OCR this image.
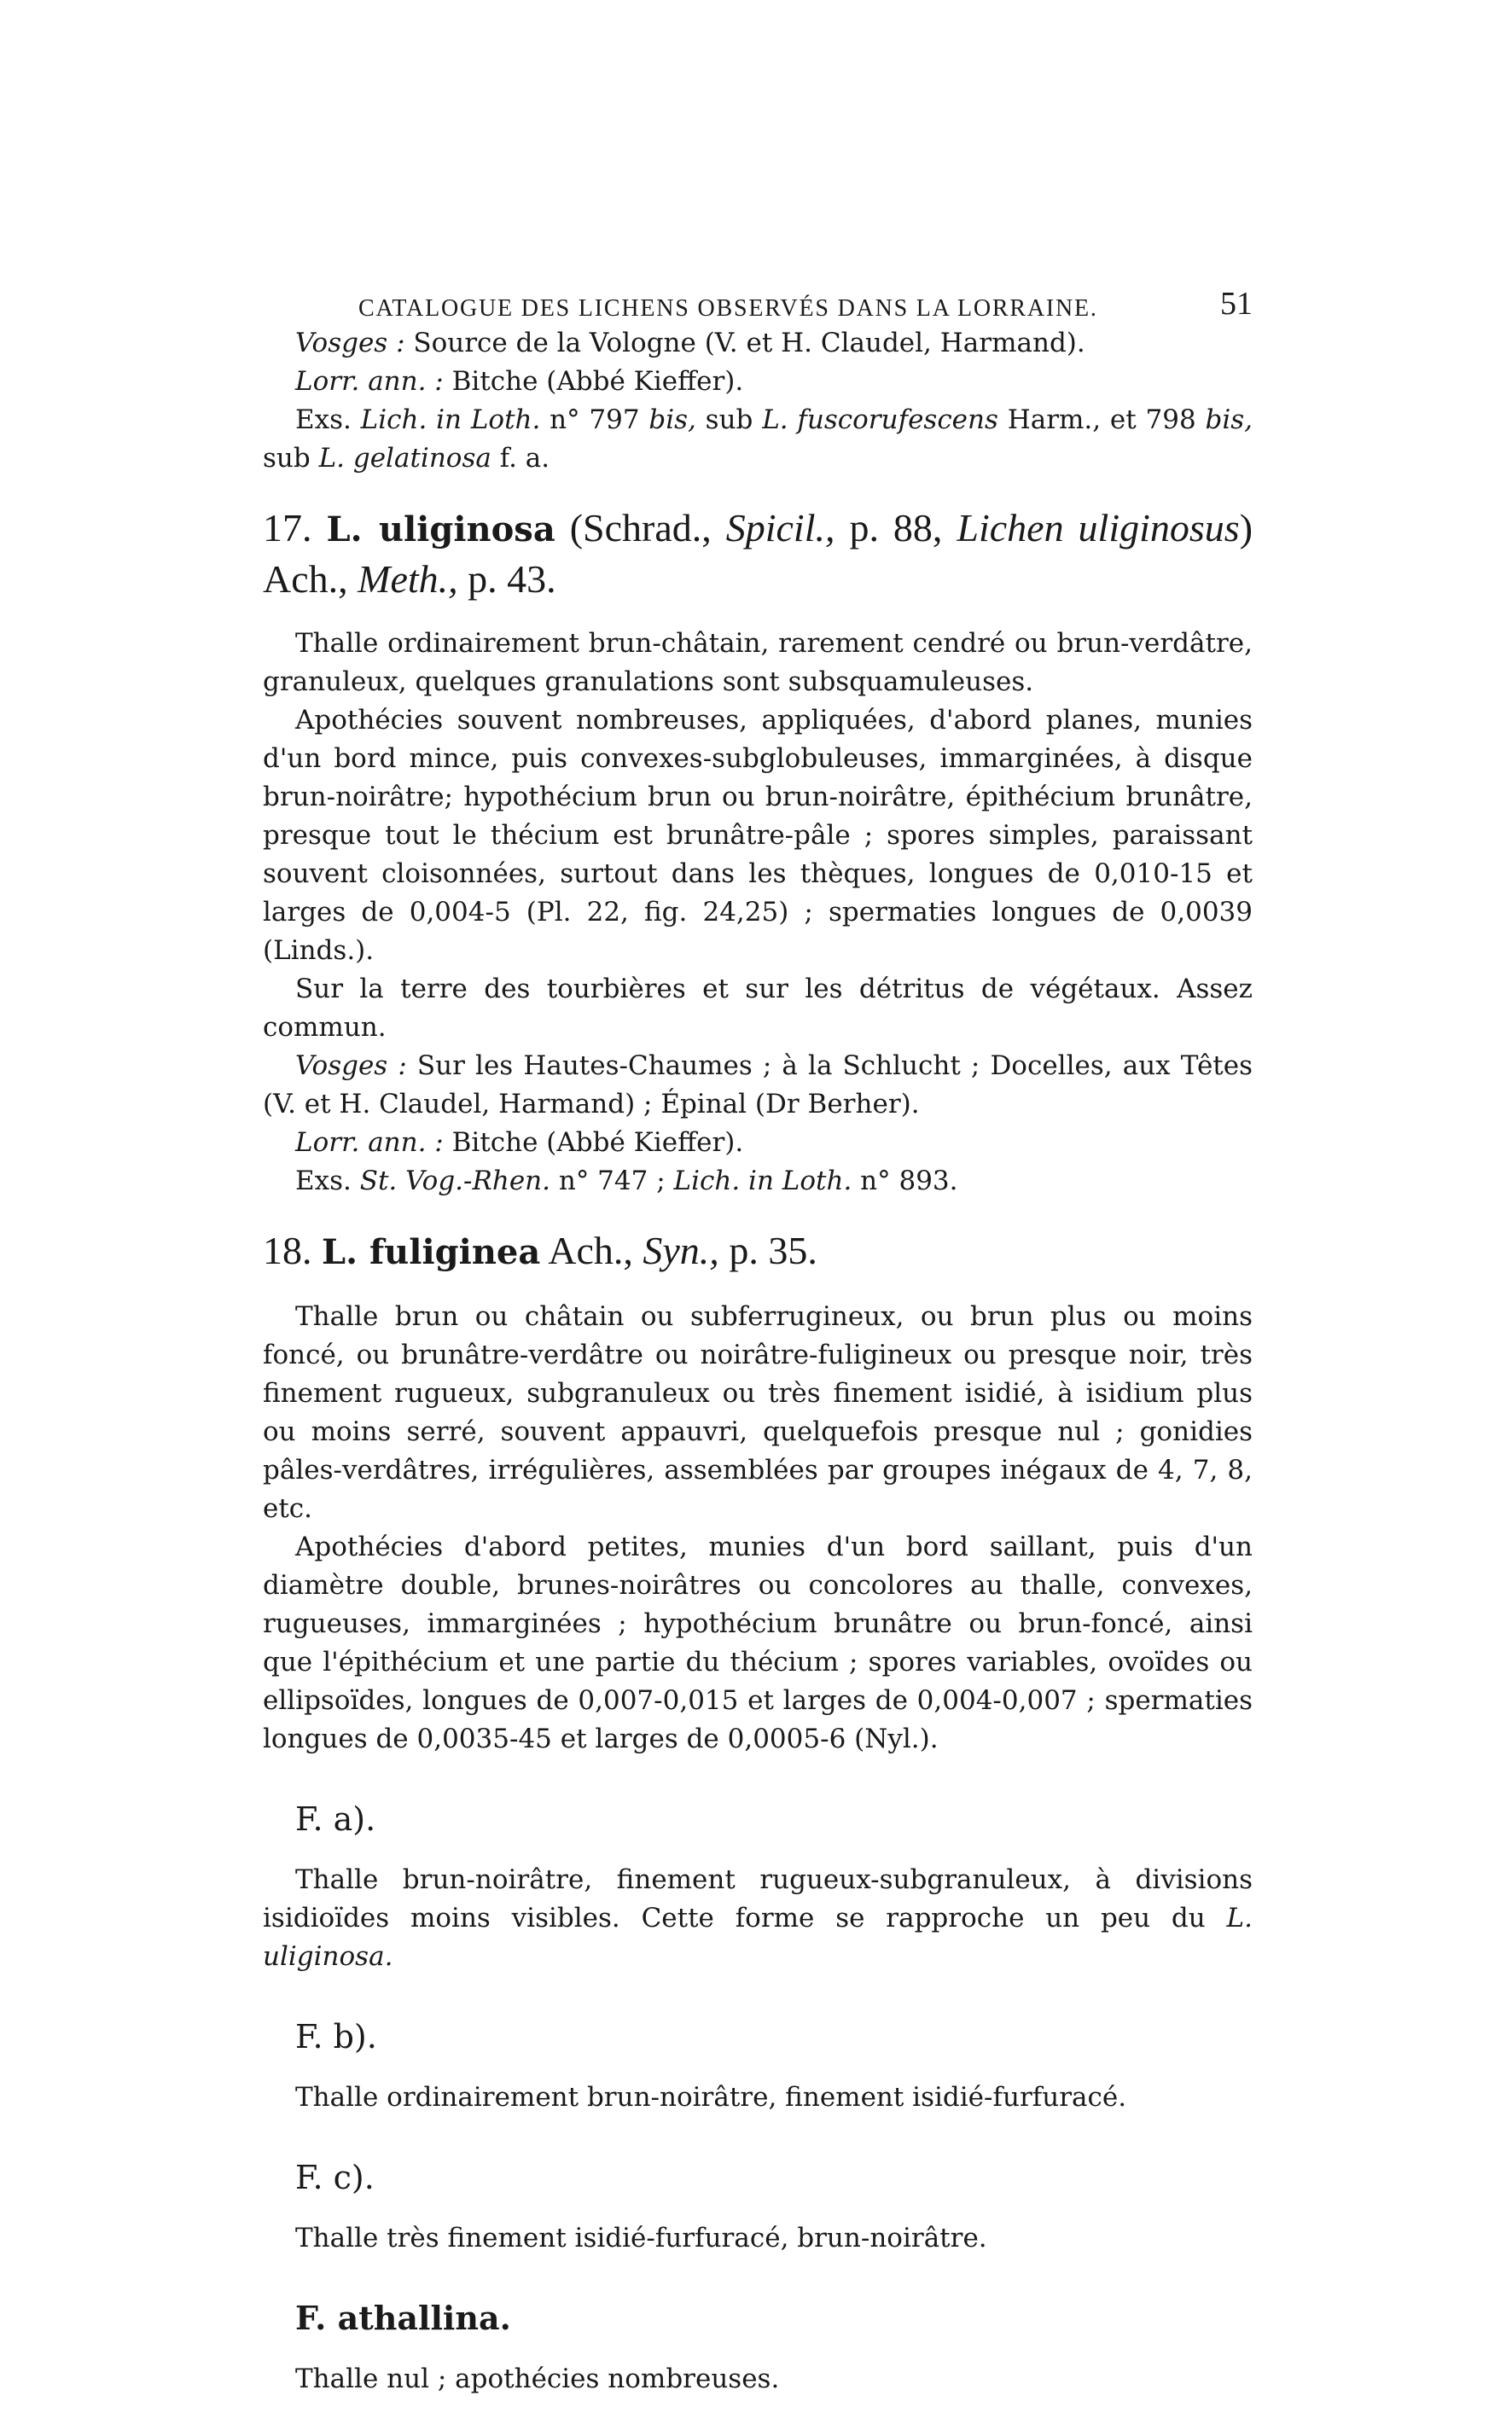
CATALOGUE DES LICHENS OBSERVÉS DANS LA LORRAINE.	51

Vosges : Source de la Vologne (V. et H. Claudel, Harmand).

Lorr. ann. : Bitche (Abbé Kieffer).

Exs. Lich. in Loth. n° 797 bis, sub L. fuscorufescens Harm., et 798 bis, sub L. gelatinosa f. a.

17. L. uliginosa (Schrad., Spicil., p. 88, Lichen uliginosus) Ach., Meth., p. 43.

Thalle ordinairement brun-châtain, rarement cendré ou brun-verdâtre, granuleux, quelques granulations sont subsquamuleuses.

Apothécies souvent nombreuses, appliquées, d'abord planes, munies d'un bord mince, puis convexes-subglobuleuses, immarginées, à disque brun-noirâtre; hypothécium brun ou brun-noirâtre, épithécium brunâtre, presque tout le thécium est brunâtre-pâle ; spores simples, paraissant souvent cloisonnées, surtout dans les thèques, longues de 0,010-15 et larges de 0,004-5 (Pl. 22, fig. 24,25) ; spermaties longues de 0,0039 (Linds.).

Sur la terre des tourbières et sur les détritus de végétaux. Assez commun.

Vosges : Sur les Hautes-Chaumes ; à la Schlucht ; Docelles, aux Têtes (V. et H. Claudel, Harmand) ; Épinal (Dr Berher).

Lorr. ann. : Bitche (Abbé Kieffer).

Exs. St. Vog.-Rhen. n° 747 ; Lich. in Loth. n° 893.

18. L. fuliginea Ach., Syn., p. 35.

Thalle brun ou châtain ou subferrugineux, ou brun plus ou moins foncé, ou brunâtre-verdâtre ou noirâtre-fuligineux ou presque noir, très finement rugueux, subgranuleux ou très finement isidié, à isidium plus ou moins serré, souvent appauvri, quelquefois presque nul ; gonidies pâles-verdâtres, irrégulières, assemblées par groupes inégaux de 4, 7, 8, etc.

Apothécies d'abord petites, munies d'un bord saillant, puis d'un diamètre double, brunes-noirâtres ou concolores au thalle, convexes, rugueuses, immarginées ; hypothécium brunâtre ou brun-foncé, ainsi que l'épithécium et une partie du thécium ; spores variables, ovoïdes ou ellipsoïdes, longues de 0,007-0,015 et larges de 0,004-0,007 ; spermaties longues de 0,0035-45 et larges de 0,0005-6 (Nyl.).

F. a).

Thalle brun-noirâtre, finement rugueux-subgranuleux, à divisions isidioïdes moins visibles. Cette forme se rapproche un peu du L. uliginosa.

F. b).

Thalle ordinairement brun-noirâtre, finement isidié-furfuracé.

F. c).

Thalle très finement isidié-furfuracé, brun-noirâtre.

F. athallina.

Thalle nul ; apothécies nombreuses.
